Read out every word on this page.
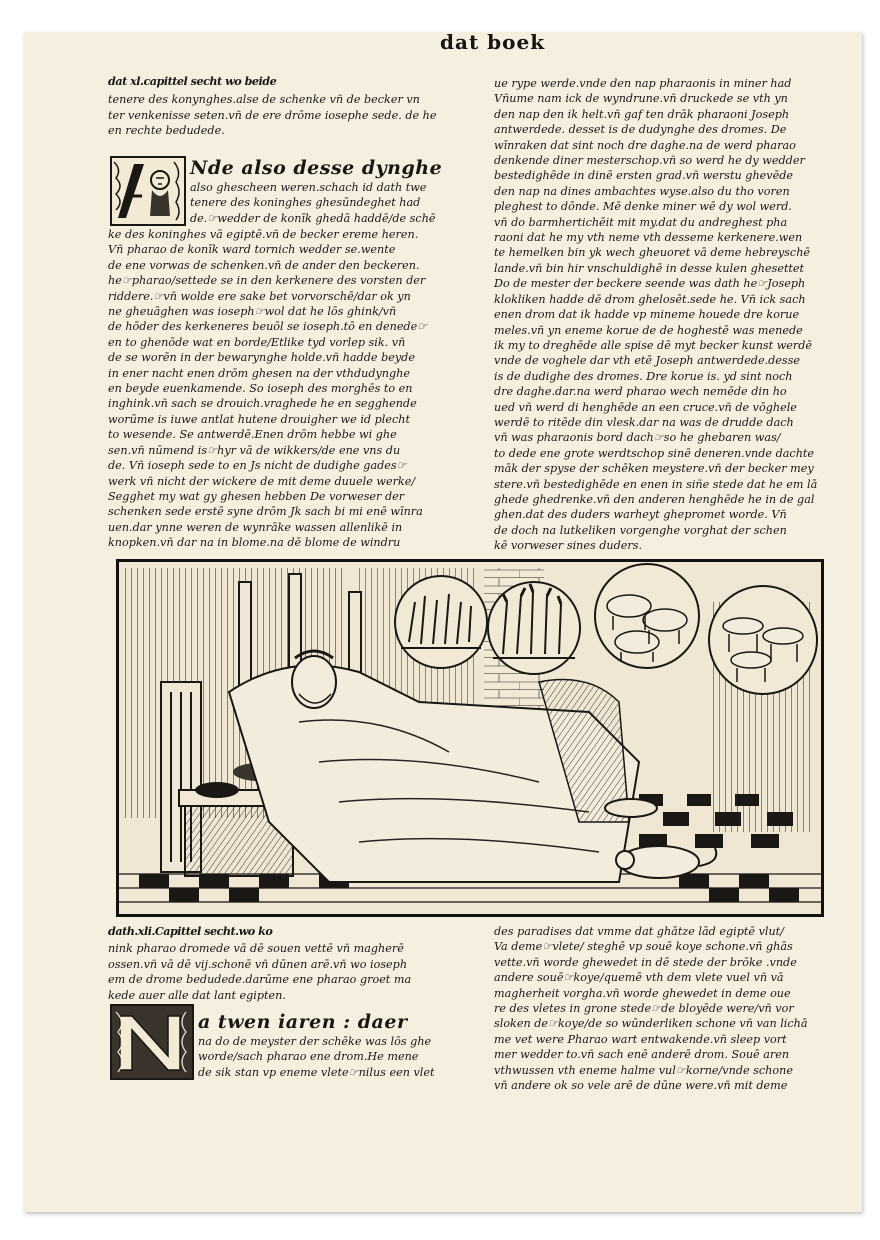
dat boek

dat xl.capittel secht wo beide

tenere des konynghes.alse de schenke vn̄ de becker vn

ter venkenisse seten.vn̄ de ere drōme iosephe sede. de he

en rechte bedudede.

Nde also desse dynghe

also ghescheen weren.schach id dath twe

tenere des koninghes ghesūndeghet had

de.☞wedder de konīk ghedā haddē/de schē

ke des koninghes vā egiptē.vn̄ de becker ereme heren.

Vn̄ pharao de konīk ward tornich wedder se.wente

de ene vorwas de schenken.vn̄ de ander den beckeren.

he☞pharao/settede se in den kerkenere des vorsten der

riddere.☞vn̄ wolde ere sake bet vorvorschē/dar ok yn

ne gheuāghen was ioseph☞wol dat he lōs ghink/vn̄

de hōder des kerkeneres beuōl se ioseph.tō en denede☞

en to ghenōde wat en borde/Etlike tyd vorlep sik. vn̄

de se worēn in der bewarynghe holde.vn̄ hadde beyde

in ener nacht enen drōm ghesen na der vthdudynghe

en beyde euenkamende. So ioseph des morghēs to en

inghink.vn̄ sach se drouich.vraghede he en segghende

worūme is iuwe antlat hutene drouigher we id plecht

to wesende. Se antwerdē.Enen drōm hebbe wi ghe

sen.vn̄ nūmend is☞hyr vā de wikkers/de ene vns du

de. Vn̄ ioseph sede to en Js nicht de dudighe gades☞

werk vn̄ nicht der wickere de mit deme duuele werke/

Segghet my wat gy ghesen hebben De vorweser der

schenken sede erstē syne drōm Jk sach bi mi enē wīnra

uen.dar ynne weren de wynrāke wassen allenlikē in

knopken.vn̄ dar na in blome.na dē blome de windru

ue rype werde.vnde den nap pharaonis in miner had

Vn̄ume nam ick de wyndrune.vn̄ druckede se vth yn

den nap den ik helt.vn̄ gaf ten drāk pharaoni Joseph

antwerdede. desset is de dudynghe des dromes. De

wīnraken dat sint noch dre daghe.na de werd pharao

denkende diner mesterschop.vn̄ so werd he dy wedder

bestedighēde in dinē ersten grad.vn̄ werstu ghevēde

den nap na dines ambachtes wyse.also du tho voren

pleghest to dōnde. Mē denke miner wē dy wol werd.

vn̄ do barmhertichēit mit my.dat du andreghest pha

raoni dat he my vth neme vth desseme kerkenere.wen

te hemelken bin yk wech gheuoret vā deme hebreyschē

lande.vn̄ bin hir vnschuldighē in desse kulen ghesettet

Do de mester der beckere seende was dath he☞Joseph

klokliken hadde dē drom ghelosēt.sede he. Vn̄ ick sach

enen drom dat ik hadde vp mineme houede dre korue

meles.vn̄ yn eneme korue de de hoghestē was menede

ik my to dreghēde alle spise dē myt becker kunst werdē

vnde de voghele dar vth etē Joseph antwerdede.desse

is de dudighe des dromes. Dre korue is. yd sint noch

dre daghe.dar.na werd pharao wech nemēde din ho

ued vn̄ werd di henghēde an een cruce.vn̄ de vōghele

werdē to ritēde din vlesk.dar na was de drudde dach

vn̄ was pharaonis bord dach☞so he ghebaren was/

to dede ene grote werdtschop sinē deneren.vnde dachte

māk der spyse der schēken meystere.vn̄ der becker mey

stere.vn̄ bestedighēde en enen in siñe stede dat he em lā

ghede ghedrenke.vn̄ den anderen henghēde he in de gal

ghen.dat des duders warheyt ghepromet worde. Vn̄

de doch na lutkeliken vorgenghe vorghat der schen

kē vorweser sines duders.

dath.xli.Capittel secht.wo ko

nink pharao dromede vā dē souen vettē vn̄ magherē

ossen.vn̄ vā dē vij.schonē vn̄ dūnen arē.vn̄ wo ioseph

em de drome bedudede.darūme ene pharao groet ma

kede auer alle dat lant egipten.

a twen iaren : daer

na do de meyster der schēke was lōs ghe

worde/sach pharao ene drom.He mene

de sik stan vp eneme vlete☞nilus een vlet

des paradises dat vmme dat ghātze lād egiptē vlut/

Va deme☞vlete/ steghē vp souē koye schone.vn̄ ghās

vette.vn̄ worde ghewedet in dē stede der brōke .vnde

andere souē☞koye/quemē vth dem vlete vuel vn̄ vā

magherheit vorgha.vn̄ worde ghewedet in deme oue

re des vletes in grone stede☞de bloyēde were/vn̄ vor

sloken de☞koye/de so wūnderliken schone vn̄ van lichā

me vet were Pharao wart entwakende.vn̄ sleep vort

mer wedder to.vn̄ sach enē anderē drom. Souē aren

vthwussen vth eneme halme vul☞korne/vnde schone

vn̄ andere ok so vele arē de dūne were.vn̄ mit deme
